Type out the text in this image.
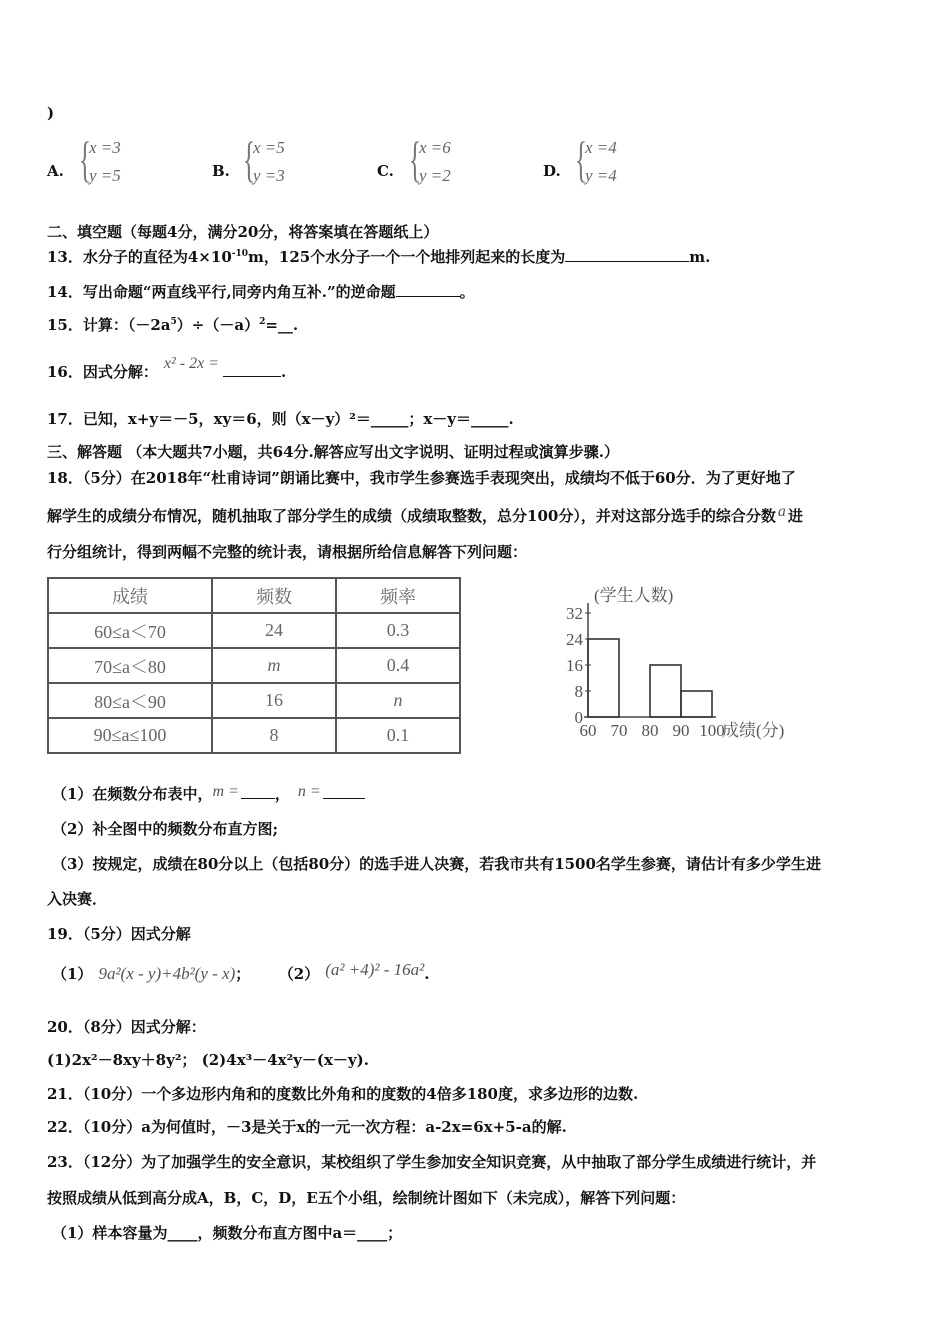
)
A. {
x =3
y =5	B. {
x =5
y =3	C. {
x =6
y =2	D. {
x =4
y =4
二、填空题（每题4分，满分20分，将答案填在答题纸上）
13．水分子的直径为$4\times 10^{-10}m$，125个水分子一个一个地排列起来的长度为	m.
14．写出命题“两直线平行,同旁内角互补.”的逆命题	。
15．计算：$(-2a^5)\div(-a)^2=\_\_$.
16．因式分解： x² - 2x =	.
17．已知，x+y＝－5，xy＝6，则（x－y）²＝_____；x－y＝_____.
三、解答题 （本大题共7小题，共64分.解答应写出文字说明、证明过程或演算步骤.）
18．（5分）在2018年“杜甫诗词”朗诵比赛中，我市学生参赛选手表现突出，成绩均不低于60分．为了更好地了
解学生的成绩分布情况，随机抽取了部分学生的成绩（成绩取整数，总分100分），并对这部分选手的综合分数 a 进
行分组统计，得到两幅不完整的统计表，请根据所给信息解答下列问题：
成绩	频数	频率
60≤a＜70	24	0.3
70≤a＜80	m	0.4
80≤a＜90	16	n
90≤a≤100	8	0.1
(学生人数)
成绩(分)
0
8
16
24
32
60 70 80 90 100
（1）在频数分布表中，m = ， n =
（2）补全图中的频数分布直方图;
（3）按规定，成绩在80分以上（包括80分）的选手进人决赛，若我市共有1500名学生参赛，请估计有多少学生进
入决赛．
19．（5分）因式分解
（1） 9a²(x - y)+4b²(y - x)； （2） (a² +4)² - 16a².
20．（8分）因式分解：
(1)2x²－8xy＋8y²； (2)4x³－4x²y－(x－y).
21．（10分）一个多边形内角和的度数比外角和的度数的4倍多180度，求多边形的边数.
22．（10分）a为何值时，－3是关于x的一元一次方程：a-2x=6x+5-a的解.
23．（12分）为了加强学生的安全意识，某校组织了学生参加安全知识竞赛，从中抽取了部分学生成绩进行统计，并
按照成绩从低到高分成A，B，C，D，E五个小组，绘制统计图如下（未完成），解答下列问题：
（1）样本容量为____，频数分布直方图中a＝____；
